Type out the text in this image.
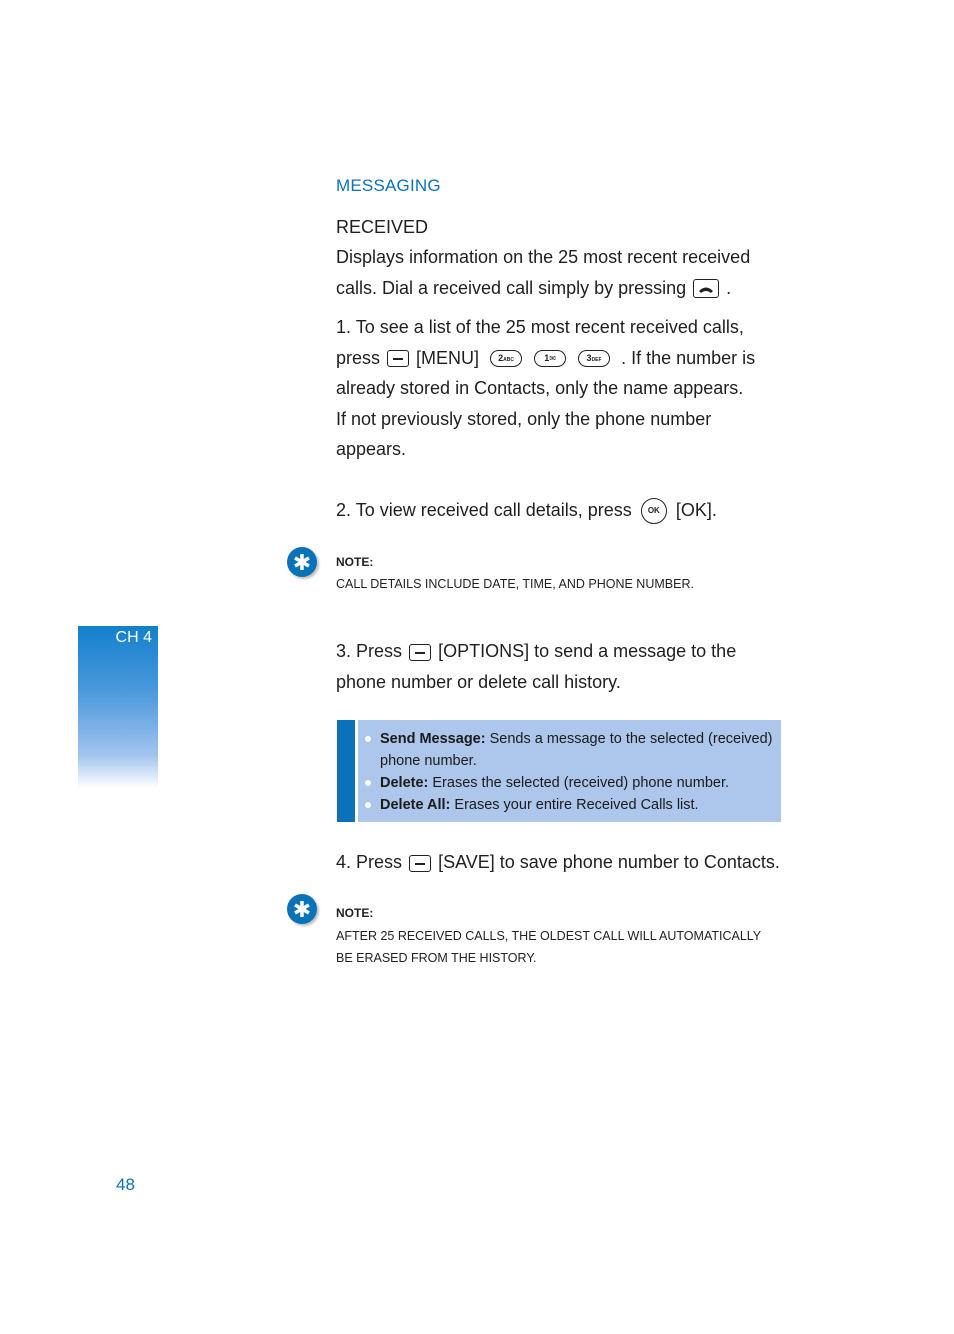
MESSAGING
RECEIVED
Displays information on the 25 most recent received
calls. Dial a received call simply by pressing .
1. To see a list of the 25 most recent received calls,
press [MENU] 2ABC	1✉	3DEF . If the number is
already stored in Contacts, only the name appears.
If not previously stored, only the phone number
appears.
2. To view received call details, press OK [OK].
✱	NOTE:
CALL DETAILS INCLUDE DATE, TIME, AND PHONE NUMBER.
CH 4
3. Press [OPTIONS] to send a message to the
phone number or delete call history.
Send Message: Sends a message to the selected (received) phone number.
Delete: Erases the selected (received) phone number.
Delete All: Erases your entire Received Calls list.
4. Press [SAVE] to save phone number to Contacts.
✱	NOTE:
AFTER 25 RECEIVED CALLS, THE OLDEST CALL WILL AUTOMATICALLY BE ERASED FROM THE HISTORY.
48
